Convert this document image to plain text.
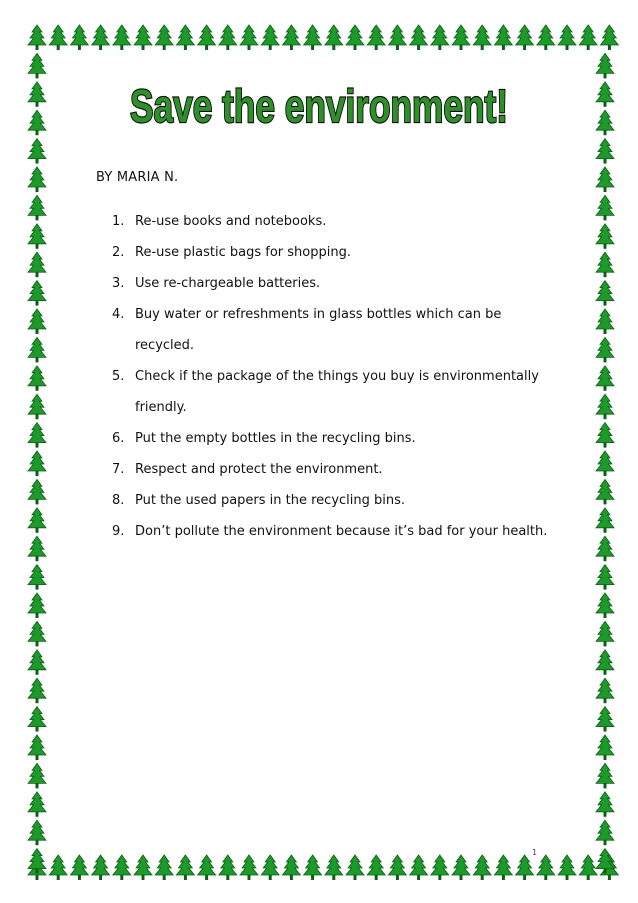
Save the environment!
BY MARIA N.
1. Re-use books and notebooks.
2. Re-use plastic bags for shopping.
3. Use re-chargeable batteries.
4. Buy water or refreshments in glass bottles which can be recycled.
5. Check if the package of the things you buy is environmentally friendly.
6. Put the empty bottles in the recycling bins.
7. Respect and protect the environment.
8. Put the used papers in the recycling bins.
9. Don’t pollute the environment because it’s bad for your health.
1
